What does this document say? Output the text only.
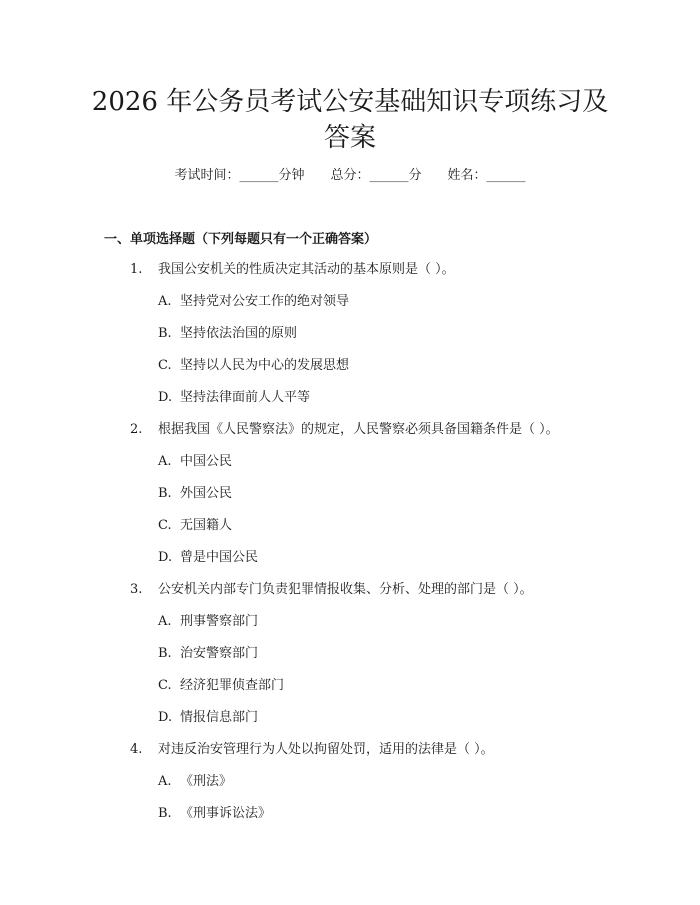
2026 年公务员考试公安基础知识专项练习及
答案
考试时间：______分钟 总分：______分 姓名：______
一、单项选择题（下列每题只有一个正确答案）
1. 我国公安机关的性质决定其活动的基本原则是（ ）。
A. 坚持党对公安工作的绝对领导
B. 坚持依法治国的原则
C. 坚持以人民为中心的发展思想
D. 坚持法律面前人人平等
2. 根据我国《人民警察法》的规定，人民警察必须具备国籍条件是（ ）。
A. 中国公民
B. 外国公民
C. 无国籍人
D. 曾是中国公民
3. 公安机关内部专门负责犯罪情报收集、分析、处理的部门是（ ）。
A. 刑事警察部门
B. 治安警察部门
C. 经济犯罪侦查部门
D. 情报信息部门
4. 对违反治安管理行为人处以拘留处罚，适用的法律是（ ）。
A. 《刑法》
B. 《刑事诉讼法》
